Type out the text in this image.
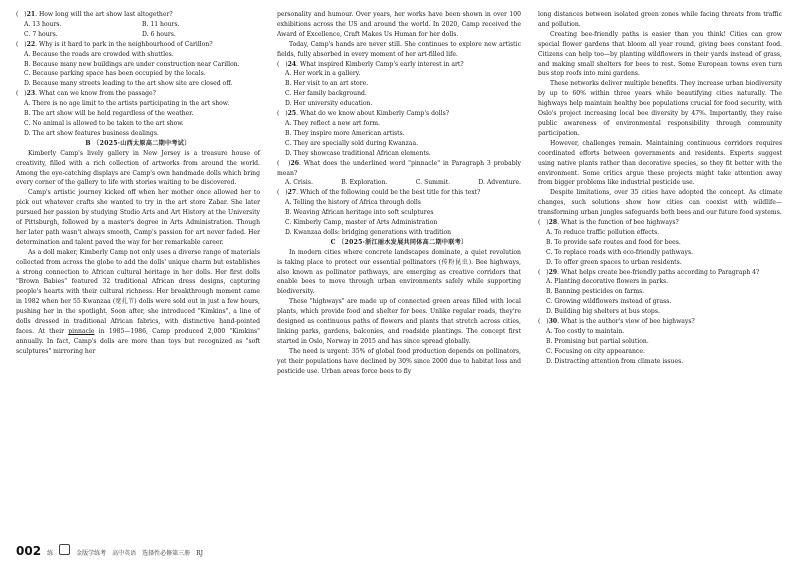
(   )21. How long will the art show last altogether?
A. 13 hours.	B. 11 hours.
C. 7 hours.	D. 6 hours.
(   )22. Why is it hard to park in the neighbourhood of Carillon?
A. Because the roads are crowded with shuttles.
B. Because many new buildings are under construction near Carillon.
C. Because parking space has been occupied by the locals.
D. Because many streets leading to the art show site are closed off.
(   )23. What can we know from the passage?
A. There is no age limit to the artists participating in the art show.
B. The art show will be held regardless of the weather.
C. No animal is allowed to be taken to the art show.
D. The art show features business dealings.
B 〔2025·山西太原高二期中考试〕
Kimberly Camp's lively gallery in New Jersey is a treasure house of creativity, filled with a rich collection of artworks from around the world. Among the eye-catching displays are Camp's own handmade dolls which bring every corner of the gallery to life with stories waiting to be discovered.
Camp's artistic journey kicked off when her mother once allowed her to pick out whatever crafts she wanted to try in the art store Zabar. She later pursued her passion by studying Studio Arts and Art History at the University of Pittsburgh, followed by a master's degree in Arts Administration. Though her later path wasn't always smooth, Camp's passion for art never faded. Her determination and talent paved the way for her remarkable career.
As a doll maker, Kimberly Camp not only uses a diverse range of materials collected from across the globe to add the dolls' unique charm but establishes a strong connection to African cultural heritage in her dolls. Her first dolls "Brown Babies" featured 32 traditional African dress designs, capturing people's hearts with their cultural richness. Her breakthrough moment came in 1982 when her 55 Kwanzaa (宽扎节) dolls were sold out in just a few hours, pushing her in the spotlight. Soon after, she introduced "Kimkins", a line of dolls dressed in traditional African fabrics, with distinctive hand-pointed faces. At their pinnacle in 1985—1986, Camp produced 2,000 "Kimkins" annually. In fact, Camp's dolls are more than toys but recognized as "soft sculptures" mirroring her
personality and humour. Over years, her works have been shown in over 100 exhibitions across the US and around the world. In 2020, Camp received the Award of Excellence, Craft Makes Us Human for her dolls.
Today, Camp's hands are never still. She continues to explore new artistic fields, fully absorbed in every moment of her art-filled life.
(   )24. What inspired Kimberly Camp's early interest in art?
A. Her work in a gallery.
B. Her visit to an art store.
C. Her family background.
D. Her university education.
(   )25. What do we know about Kimberly Camp's dolls?
A. They reflect a new art form.
B. They inspire more American artists.
C. They are specially sold during Kwanzaa.
D. They showcase traditional African elements.
(   )26. What does the underlined word "pinnacle" in Paragraph 3 probably mean?
A. Crisis.	B. Exploration.	C. Summit.	D. Adventure.
(   )27. Which of the following could be the best title for this text?
A. Telling the history of Africa through dolls
B. Weaving African heritage into soft sculptures
C. Kimberly Camp, master of Arts Administration
D. Kwanzaa dolls: bridging generations with tradition
C 〔2025·浙江丽水发展共同体高二期中联考〕
In modern cities where concrete landscapes dominate, a quiet revolution is taking place to protect our essential pollinators (传粉昆虫). Bee highways, also known as pollinator pathways, are emerging as creative corridors that enable bees to move through urban environments safely while supporting biodiversity.
These "highways" are made up of connected green areas filled with local plants, which provide food and shelter for bees. Unlike regular roads, they're designed as continuous paths of flowers and plants that stretch across cities, linking parks, gardens, balconies, and roadside plantings. The concept first started in Oslo, Norway in 2015 and has since spread globally.
The need is urgent: 35% of global food production depends on pollinators, yet their populations have declined by 30% since 2000 due to habitat loss and pesticide use. Urban areas force bees to fly
long distances between isolated green zones while facing threats from traffic and pollution.
Creating bee-friendly paths is easier than you think! Cities can grow special flower gardens that bloom all year round, giving bees constant food. Citizens can help too—by planting wildflowers in their yards instead of grass, and making small shelters for bees to rest. Some European towns even turn bus stop roofs into mini gardens.
These networks deliver multiple benefits. They increase urban biodiversity by up to 60% within three years while beautifying cities naturally. The highways help maintain healthy bee populations crucial for food security, with Oslo's project increasing local bee diversity by 47%. Importantly, they raise public awareness of environmental responsibility through community participation.
However, challenges remain. Maintaining continuous corridors requires coordinated efforts between governments and residents. Experts suggest using native plants rather than decorative species, so they fit better with the environment. Some critics argue these projects might take attention away from bigger problems like industrial pesticide use.
Despite limitations, over 35 cities have adopted the concept. As climate changes, such solutions show how cities can coexist with wildlife—transforming urban jungles safeguards both bees and our future food systems.
(   )28. What is the function of bee highways?
A. To reduce traffic pollution effects.
B. To provide safe routes and food for bees.
C. To replace roads with eco-friendly pathways.
D. To offer green spaces to urban residents.
(   )29. What helps create bee-friendly paths according to Paragraph 4?
A. Planting decorative flowers in parks.
B. Banning pesticides on farms.
C. Growing wildflowers instead of grass.
D. Building big shelters at bus stops.
(   )30. What is the author's view of bee highways?
A. Too costly to maintain.
B. Promising but partial solution.
C. Focusing on city appearance.
D. Distracting attention from climate issues.
002 练	金版学练考　高中英语　选择性必修第三册　RJ
